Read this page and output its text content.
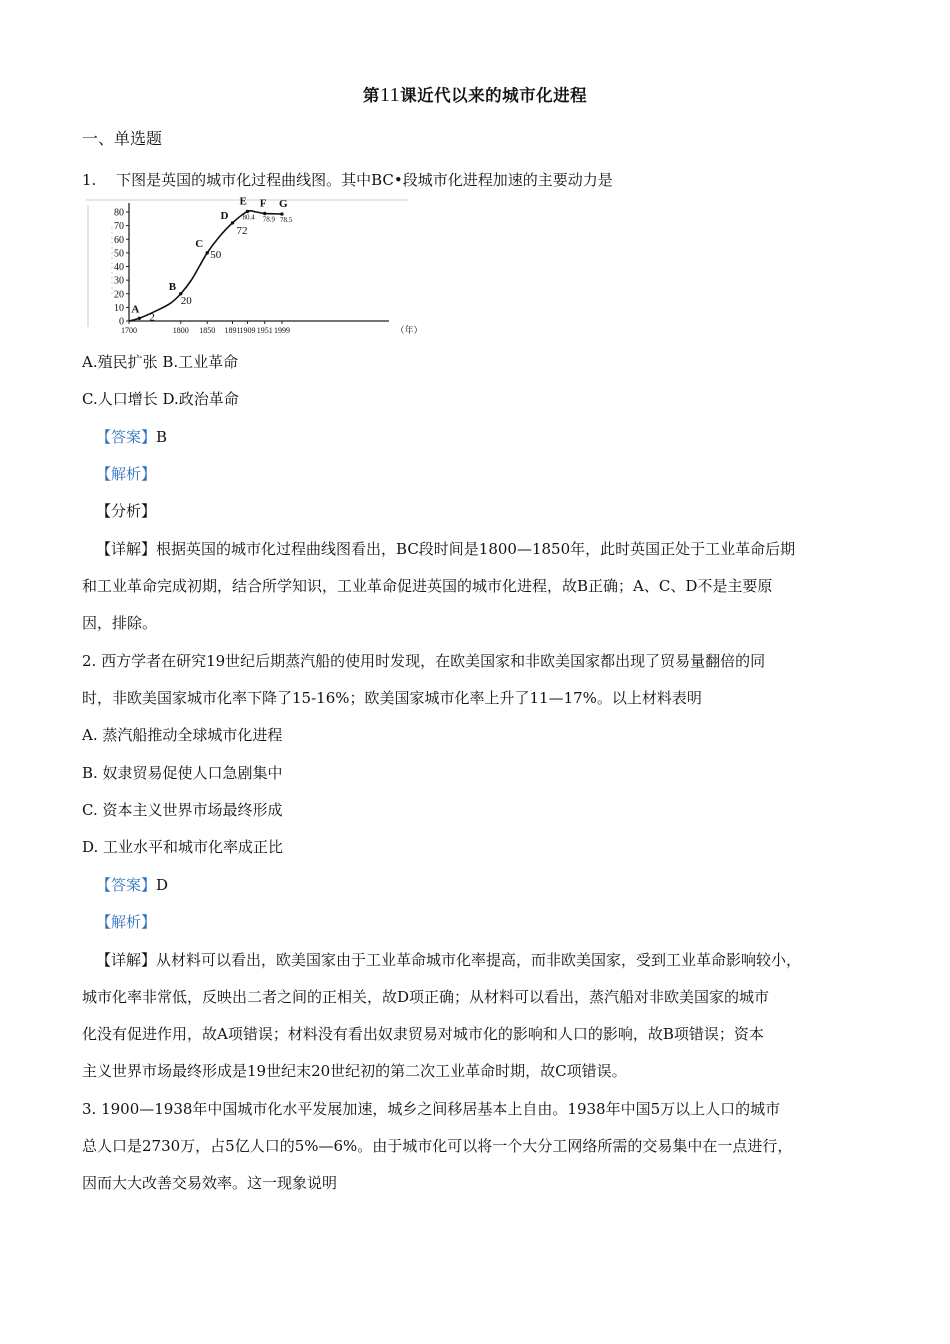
第11课近代以来的城市化进程
一、单选题
1.　 下图是英国的城市化过程曲线图。其中BC•段城市化进程加速的主要动力是
0
10
20
30
40
50
60
70
80
1700	1800 1850 1891
1909 1951 1999	（年）
A
2
B
20
C
50
D
72
E
80.4
F
78.9
G
78.5
A.殖民扩张 B.工业革命
C.人口增长 D.政治革命
【答案】B
【解析】
【分析】
【详解】根据英国的城市化过程曲线图看出，BC段时间是1800—1850年，此时英国正处于工业革命后期
和工业革命完成初期，结合所学知识，工业革命促进英国的城市化进程，故B正确；A、C、D不是主要原
因，排除。
2. 西方学者在研究19世纪后期蒸汽船的使用时发现，在欧美国家和非欧美国家都出现了贸易量翻倍的同
时，非欧美国家城市化率下降了15-16%；欧美国家城市化率上升了11—17%。以上材料表明
A. 蒸汽船推动全球城市化进程
B. 奴隶贸易促使人口急剧集中
C. 资本主义世界市场最终形成
D. 工业水平和城市化率成正比
【答案】D
【解析】
【详解】从材料可以看出，欧美国家由于工业革命城市化率提高，而非欧美国家，受到工业革命影响较小，
城市化率非常低，反映出二者之间的正相关，故D项正确；从材料可以看出，蒸汽船对非欧美国家的城市
化没有促进作用，故A项错误；材料没有看出奴隶贸易对城市化的影响和人口的影响，故B项错误；资本
主义世界市场最终形成是19世纪末20世纪初的第二次工业革命时期，故C项错误。
3. 1900—1938年中国城市化水平发展加速，城乡之间移居基本上自由。1938年中国5万以上人口的城市
总人口是2730万，占5亿人口的5%—6%。由于城市化可以将一个大分工网络所需的交易集中在一点进行，
因而大大改善交易效率。这一现象说明
